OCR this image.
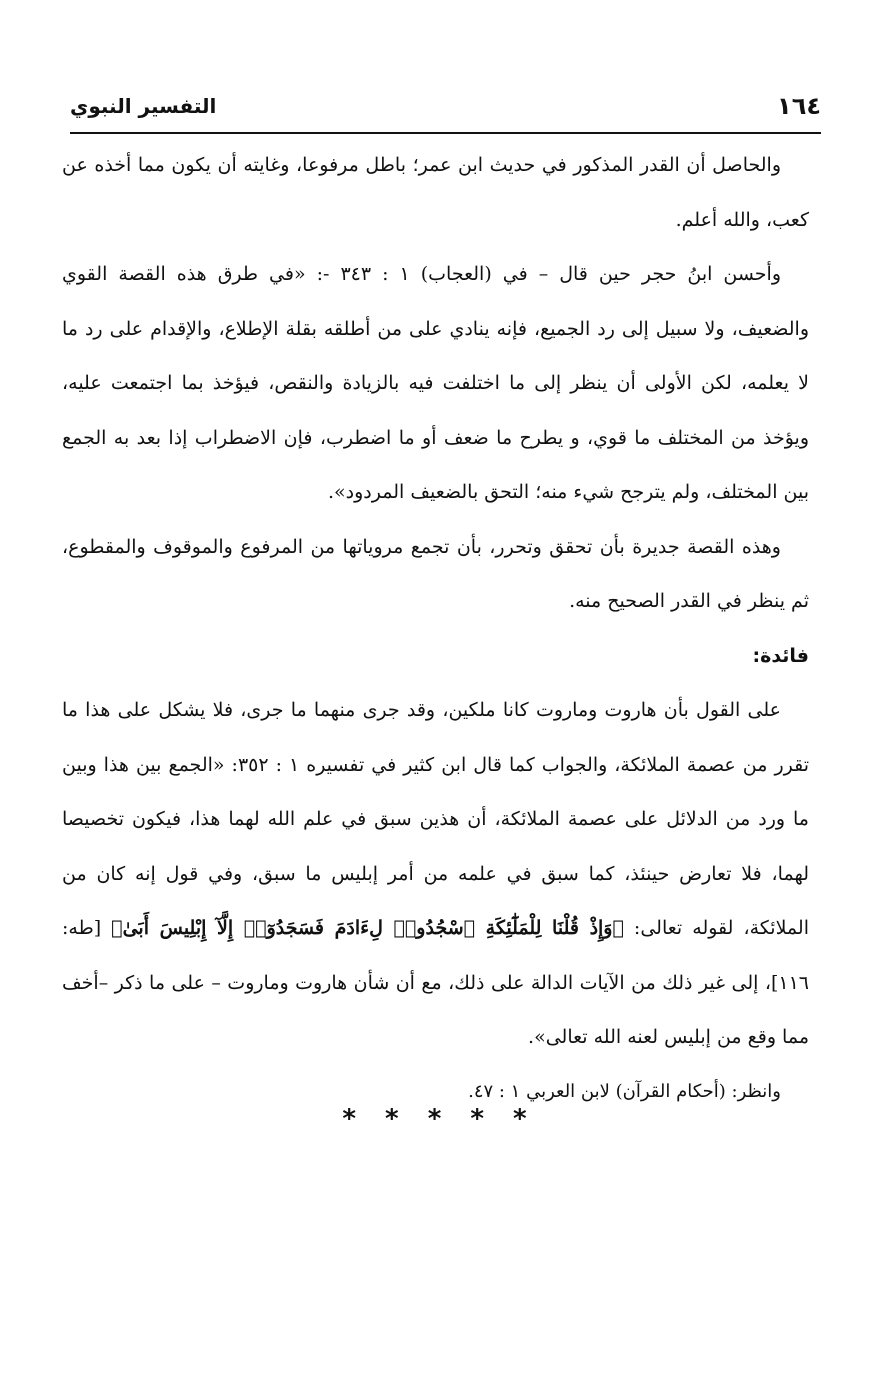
١٦٤
التفسير النبوي

والحاصل أن القدر المذكور في حديث ابن عمر؛ باطل مرفوعا، وغايته أن يكون مما أخذه عن كعب، والله أعلم.

وأحسن ابنُ حجر حين قال – في (العجاب) ١ : ٣٤٣ -: «في طرق هذه القصة القوي والضعيف، ولا سبيل إلى رد الجميع، فإنه ينادي على من أطلقه بقلة الإطلاع، والإقدام على رد ما لا يعلمه، لكن الأولى أن ينظر إلى ما اختلفت فيه بالزيادة والنقص، فيؤخذ بما اجتمعت عليه، ويؤخذ من المختلف ما قوي، و يطرح ما ضعف أو ما اضطرب، فإن الاضطراب إذا بعد به الجمع بين المختلف، ولم يترجح شيء منه؛ التحق بالضعيف المردود».

وهذه القصة جديرة بأن تحقق وتحرر، بأن تجمع مروياتها من المرفوع والموقوف والمقطوع، ثم ينظر في القدر الصحيح منه.

فائدة:

على القول بأن هاروت وماروت كانا ملكين، وقد جرى منهما ما جرى، فلا يشكل على هذا ما تقرر من عصمة الملائكة، والجواب كما قال ابن كثير في تفسيره ١ : ٣٥٢: «الجمع بين هذا وبين ما ورد من الدلائل على عصمة الملائكة، أن هذين سبق في علم الله لهما هذا، فيكون تخصيصا لهما، فلا تعارض حينئذ، كما سبق في علمه من أمر إبليس ما سبق، وفي قول إنه كان من الملائكة، لقوله تعالى: ﴿وَإِذْ قُلْنَا لِلْمَلَٰٓئِكَةِ ٱسْجُدُوا۟ لِءَادَمَ فَسَجَدُوٓا۟ إِلَّآ إِبْلِيسَ أَبَىٰ﴾ [طه: ١١٦]، إلى غير ذلك من الآيات الدالة على ذلك، مع أن شأن هاروت وماروت – على ما ذكر –أخف مما وقع من إبليس لعنه الله تعالى».

وانظر: (أحكام القرآن) لابن العربي ١ : ٤٧.

* * * * *
